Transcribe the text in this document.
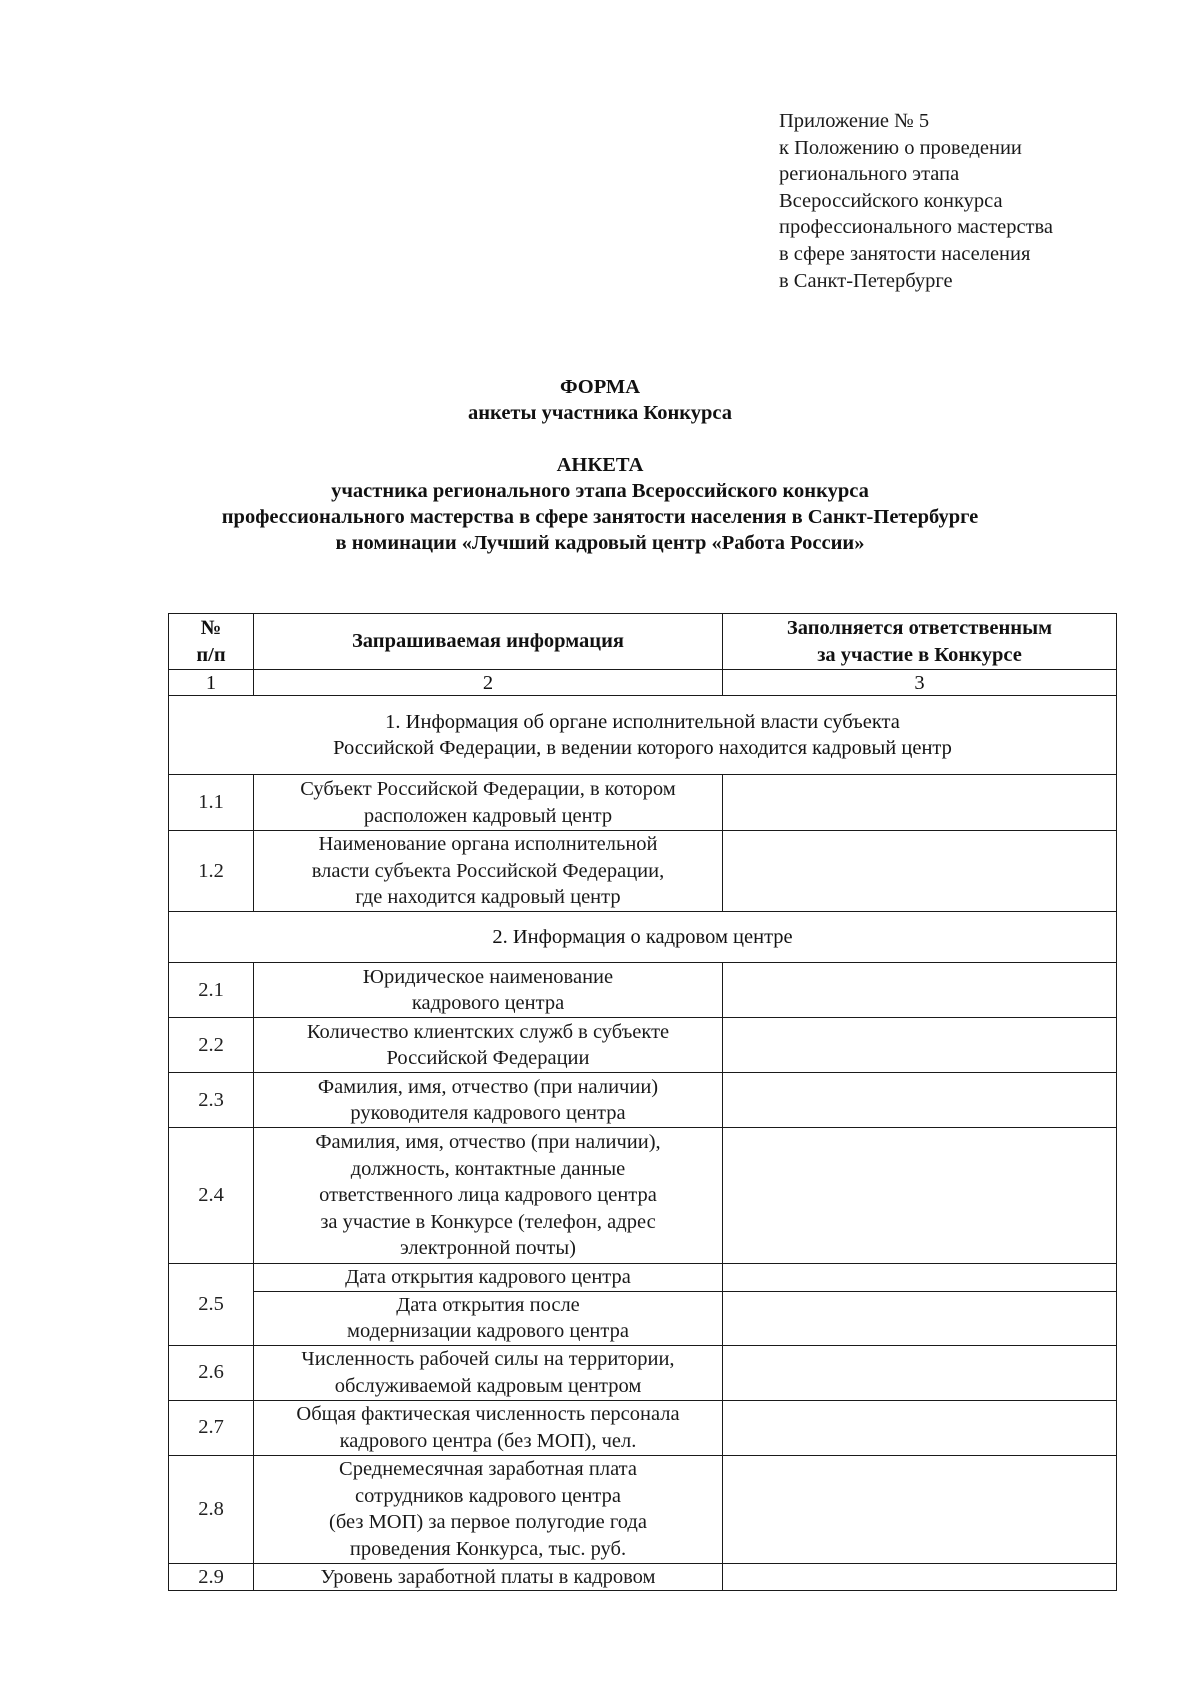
Приложение № 5
к Положению о проведении
регионального этапа
Всероссийского конкурса
профессионального мастерства
в сфере занятости населения
в Санкт-Петербурге
ФОРМА
анкеты участника Конкурса
АНКЕТА
участника регионального этапа Всероссийского конкурса
профессионального мастерства в сфере занятости населения в Санкт-Петербурге
в номинации «Лучший кадровый центр «Работа России»
№
п/п	Запрашиваемая информация	Заполняется ответственным
за участие в Конкурсе
1	2	3
1. Информация об органе исполнительной власти субъекта
Российской Федерации, в ведении которого находится кадровый центр		
1.1	Субъект Российской Федерации, в котором
расположен кадровый центр	
1.2	Наименование органа исполнительной
власти субъекта Российской Федерации,
где находится кадровый центр	
2. Информация о кадровом центре		
2.1	Юридическое наименование
кадрового центра	
2.2	Количество клиентских служб в субъекте
Российской Федерации	
2.3	Фамилия, имя, отчество (при наличии)
руководителя кадрового центра	
2.4	Фамилия, имя, отчество (при наличии),
должность, контактные данные
ответственного лица кадрового центра
за участие в Конкурсе (телефон, адрес
электронной почты)	
2.5	Дата открытия кадрового центра	
	Дата открытия после
модернизации кадрового центра	
2.6	Численность рабочей силы на территории,
обслуживаемой кадровым центром	
2.7	Общая фактическая численность персонала
кадрового центра (без МОП), чел.	
2.8	Среднемесячная заработная плата
сотрудников кадрового центра
(без МОП) за первое полугодие года
проведения Конкурса, тыс. руб.	
2.9	Уровень заработной платы в кадровом	
